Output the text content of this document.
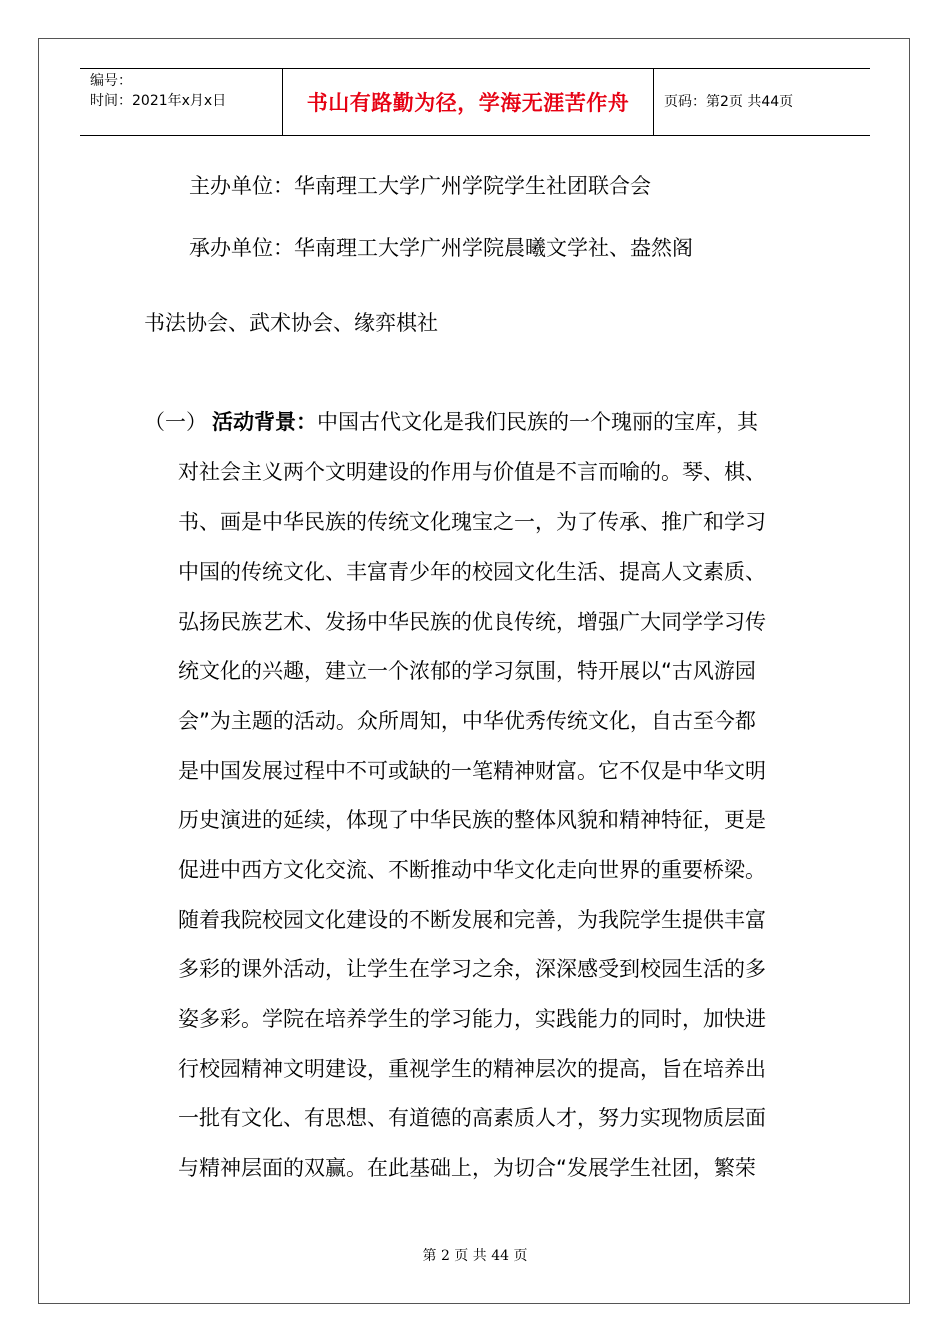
编号：
时间：2021年x月x日	书山有路勤为径，学海无涯苦作舟 页码：第2页 共44页
主办单位：华南理工大学广州学院学生社团联合会
承办单位：华南理工大学广州学院晨曦文学社、盎然阁
书法协会、武术协会、缘弈棋社
（一） 活动背景：中国古代文化是我们民族的一个瑰丽的宝库，其
对社会主义两个文明建设的作用与价值是不言而喻的。琴、棋、
书、画是中华民族的传统文化瑰宝之一，为了传承、推广和学习
中国的传统文化、丰富青少年的校园文化生活、提高人文素质、
弘扬民族艺术、发扬中华民族的优良传统，增强广大同学学习传
统文化的兴趣，建立一个浓郁的学习氛围，特开展以“古风游园
会”为主题的活动。众所周知，中华优秀传统文化，自古至今都
是中国发展过程中不可或缺的一笔精神财富。它不仅是中华文明
历史演进的延续，体现了中华民族的整体风貌和精神特征，更是
促进中西方文化交流、不断推动中华文化走向世界的重要桥梁。
随着我院校园文化建设的不断发展和完善，为我院学生提供丰富
多彩的课外活动，让学生在学习之余，深深感受到校园生活的多
姿多彩。学院在培养学生的学习能力，实践能力的同时，加快进
行校园精神文明建设，重视学生的精神层次的提高，旨在培养出
一批有文化、有思想、有道德的高素质人才，努力实现物质层面
与精神层面的双赢。在此基础上，为切合“发展学生社团，繁荣
第 2 页 共 44 页
